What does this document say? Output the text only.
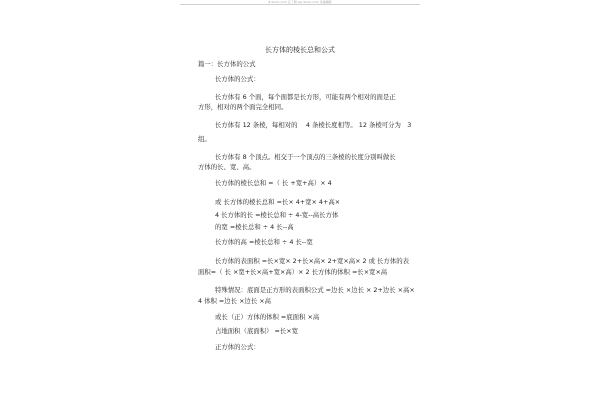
8.docin.com 豆丁网 vip.docin.com 可编辑版
长方体的棱长总和公式
篇一：长方体的公式
长方体的公式：
长方体有 6 个面，每个面都是长方形，可能有两个相对的面是正
方形，相对的两个面完全相同。
长方体有 12 条棱，每相对的　 4 条棱长度相等。 12 条棱可分为　3
组。
长方体有 8 个顶点。相交于一个顶点的三条棱的长度分别叫做长
方体的长、宽、高。
长方体的棱长总和 =（ 长 +宽+高）× 4
或 长方体的棱长总和 =长× 4+宽× 4+高×
4 长方体的长 =棱长总和 ÷ 4-宽--高长方体
的宽 =棱长总和 ÷ 4 长--高
长方体的高 =棱长总和 ÷ 4 长--宽
长方体的表面积 =长×宽× 2+长×高× 2+宽×高× 2 或 长方体的表
面积=（ 长 ×宽+长×高+宽×高）× 2 长方体的体积 =长×宽×高
特殊情况：底面是正方形的表面积公式 =边长 ×边长 × 2+边长 ×高×
4 体积 =边长 ×边长 ×高
或长（正）方体的体积 =底面积 ×高
占地面积（底面积） =长×宽
正方体的公式：
